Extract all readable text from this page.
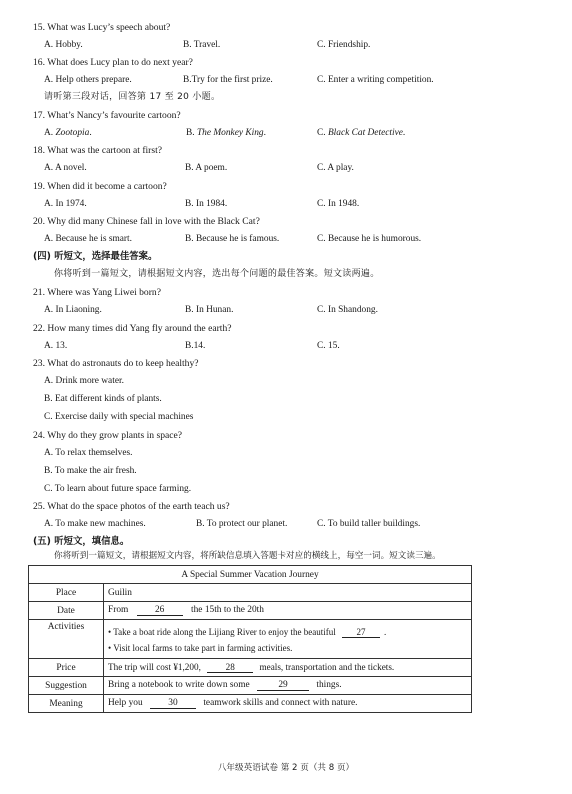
15. What was Lucy’s speech about?
A. Hobby.	B. Travel.	C. Friendship.
16. What does Lucy plan to do next year?
A. Help others prepare.	B.Try for the first prize.	C. Enter a writing competition.
请听第三段对话，回答第 17 至 20 小题。
17. What’s Nancy’s favourite cartoon?
A. Zootopia.	B. The Monkey King.	C. Black Cat Detective.
18. What was the cartoon at first?
A. A novel.	B. A poem.	C. A play.
19. When did it become a cartoon?
A. In 1974.	B. In 1984.	C. In 1948.
20. Why did many Chinese fall in love with the Black Cat?
A. Because he is smart.	B. Because he is famous.	C. Because he is humorous.
(四) 听短文，选择最佳答案。
你将听到一篇短文，请根据短文内容，选出每个问题的最佳答案。短文读两遍。
21. Where was Yang Liwei born?
A. In Liaoning.	B. In Hunan.	C. In Shandong.
22. How many times did Yang fly around the earth?
A. 13.	B.14.	C. 15.
23. What do astronauts do to keep healthy?
A. Drink more water.
B. Eat different kinds of plants.
C. Exercise daily with special machines
24. Why do they grow plants in space?
A. To relax themselves.
B. To make the air fresh.
C. To learn about future space farming.
25. What do the space photos of the earth teach us?
A. To make new machines.	B. To protect our planet.	C. To build taller buildings.
(五) 听短文，填信息。
你将听到一篇短文，请根据短文内容，将所缺信息填入答题卡对应的横线上，每空一词。短文读三遍。
A Special Summer Vacation Journey	
Place	Guilin
Date	From 26 the 15th to the 20th
Activities	• Take a boat ride along the Lijiang River to enjoy the beautiful 27 .
• Visit local farms to take part in farming activities.

Price	The trip will cost ¥1,200, 28 meals, transportation and the tickets.
Suggestion	Bring a notebook to write down some 29 things.
Meaning	Help you 30 teamwork skills and connect with nature.
八年级英语试卷 第 2 页（共 8 页）
